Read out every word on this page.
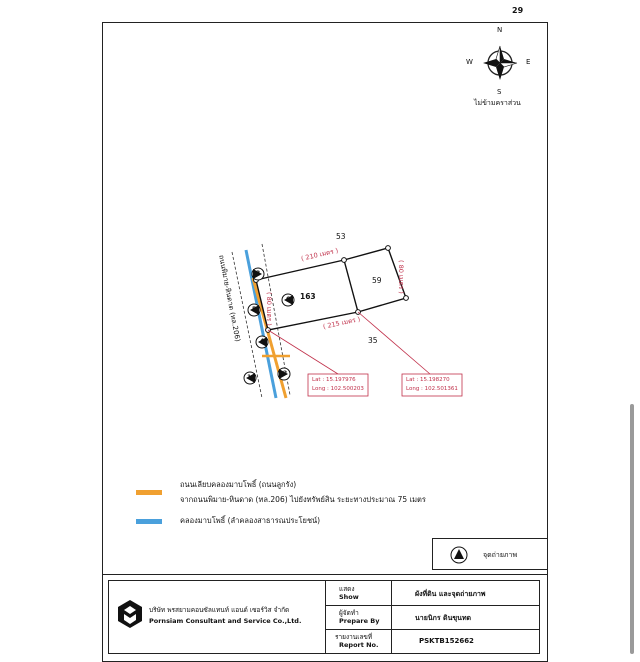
29
N
S
E
W
ไม่ข้ามคราส่วน
ถนนพิมาย-หินดาด (ทล.206)
53
35
163
59
( 210 เมตร )
( 215 เมตร )
( 80 เมตร )
( 80 เมตร )
1
2
3
4
5
6
Lat : 15.197976
Long : 102.500203
Lat : 15.198270
Long : 102.501361
ถนนเลียบคลองมาบโพธิ์ (ถนนลูกรัง)
จากถนนพิมาย-หินดาด (ทล.206) ไปยังทรัพย์สิน ระยะทางประมาณ 75 เมตร
คลองมาบโพธิ์ (ลำคลองสาธารณประโยชน์)
จุดถ่ายภาพ
บริษัท พรสยามคอนซัลแทนท์ แอนด์ เซอร์วิส จำกัด
Pornsiam Consultant and Service Co.,Ltd.
แสดง
Show	ผังที่ดิน และจุดถ่ายภาพ
ผู้จัดทำ
Prepare By	นายนิกร ดินขุนทด
รายงานเลขที่
Report No.	PSKTB152662
